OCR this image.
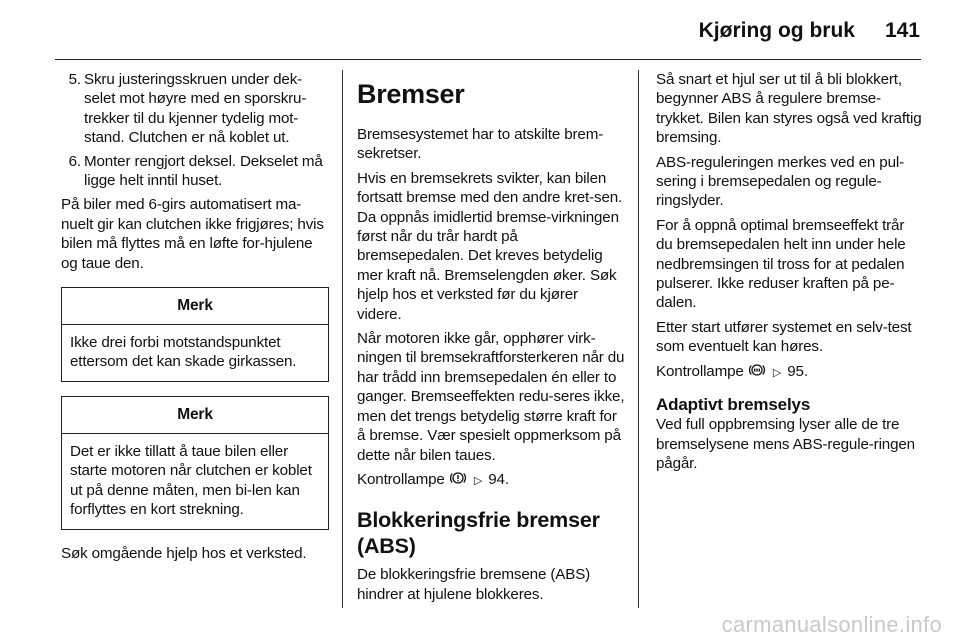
Kjøring og bruk 141
5. Skru justeringsskruen under dek-selet mot høyre med en sporskru-trekker til du kjenner tydelig mot-stand. Clutchen er nå koblet ut.
6. Monter rengjort deksel. Dekselet må ligge helt inntil huset.

På biler med 6-girs automatisert ma-nuelt gir kan clutchen ikke frigjøres; hvis bilen må flyttes må en løfte for-hjulene og taue den.

Merk
Ikke drei forbi motstandspunktet ettersom det kan skade girkassen.
Merk
Det er ikke tillatt å taue bilen eller starte motoren når clutchen er koblet ut på denne måten, men bi-len kan forflyttes en kort strekning.

Søk omgående hjelp hos et verksted.

Bremser

Bremsesystemet har to atskilte brem-sekretser.

Hvis en bremsekrets svikter, kan bilen fortsatt bremse med den andre kret-sen. Da oppnås imidlertid bremse-virkningen først når du trår hardt på bremsepedalen. Det kreves betydelig mer kraft nå. Bremselengden øker. Søk hjelp hos et verksted før du kjører videre.

Når motoren ikke går, opphører virk-ningen til bremsekraftforsterkeren når du har trådd inn bremsepedalen én eller to ganger. Bremseeffekten redu-seres ikke, men det trengs betydelig større kraft for å bremse. Vær spesielt oppmerksom på dette når bilen taues.

Kontrollampe	▷ 94.

Blokkeringsfrie bremser (ABS)

De blokkeringsfrie bremsene (ABS) hindrer at hjulene blokkeres.

Så snart et hjul ser ut til å bli blokkert, begynner ABS å regulere bremse-trykket. Bilen kan styres også ved kraftig bremsing.

ABS-reguleringen merkes ved en pul-sering i bremsepedalen og regule-ringslyder.

For å oppnå optimal bremseeffekt trår du bremsepedalen helt inn under hele nedbremsingen til tross for at pedalen pulserer. Ikke reduser kraften på pe-dalen.

Etter start utfører systemet en selv-test som eventuelt kan høres.

Kontrollampe	▷ 95.

Adaptivt bremselys

Ved full oppbremsing lyser alle de tre bremselysene mens ABS-regule-ringen pågår.

carmanualsonline.info
